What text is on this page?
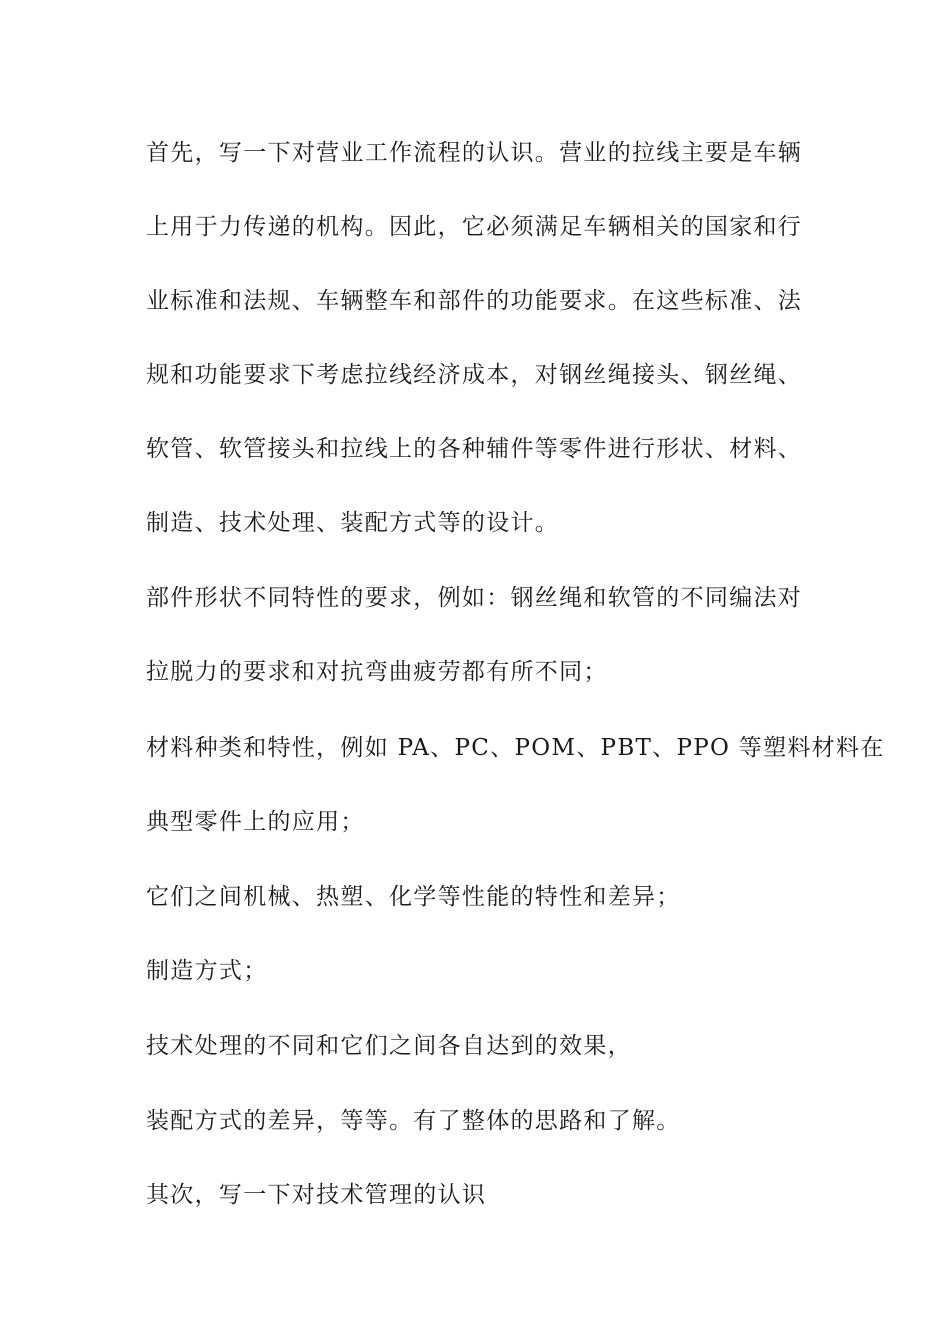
首先，写一下对营业工作流程的认识。营业的拉线主要是车辆
上用于力传递的机构。因此，它必须满足车辆相关的国家和行
业标准和法规、车辆整车和部件的功能要求。在这些标准、法
规和功能要求下考虑拉线经济成本，对钢丝绳接头、钢丝绳、
软管、软管接头和拉线上的各种辅件等零件进行形状、材料、
制造、技术处理、装配方式等的设计。
部件形状不同特性的要求，例如：钢丝绳和软管的不同编法对
拉脱力的要求和对抗弯曲疲劳都有所不同；
材料种类和特性，例如 PA、PC、POM、PBT、PPO 等塑料材料在
典型零件上的应用；
它们之间机械、热塑、化学等性能的特性和差异；
制造方式；
技术处理的不同和它们之间各自达到的效果，
装配方式的差异，等等。有了整体的思路和了解。
其次，写一下对技术管理的认识
